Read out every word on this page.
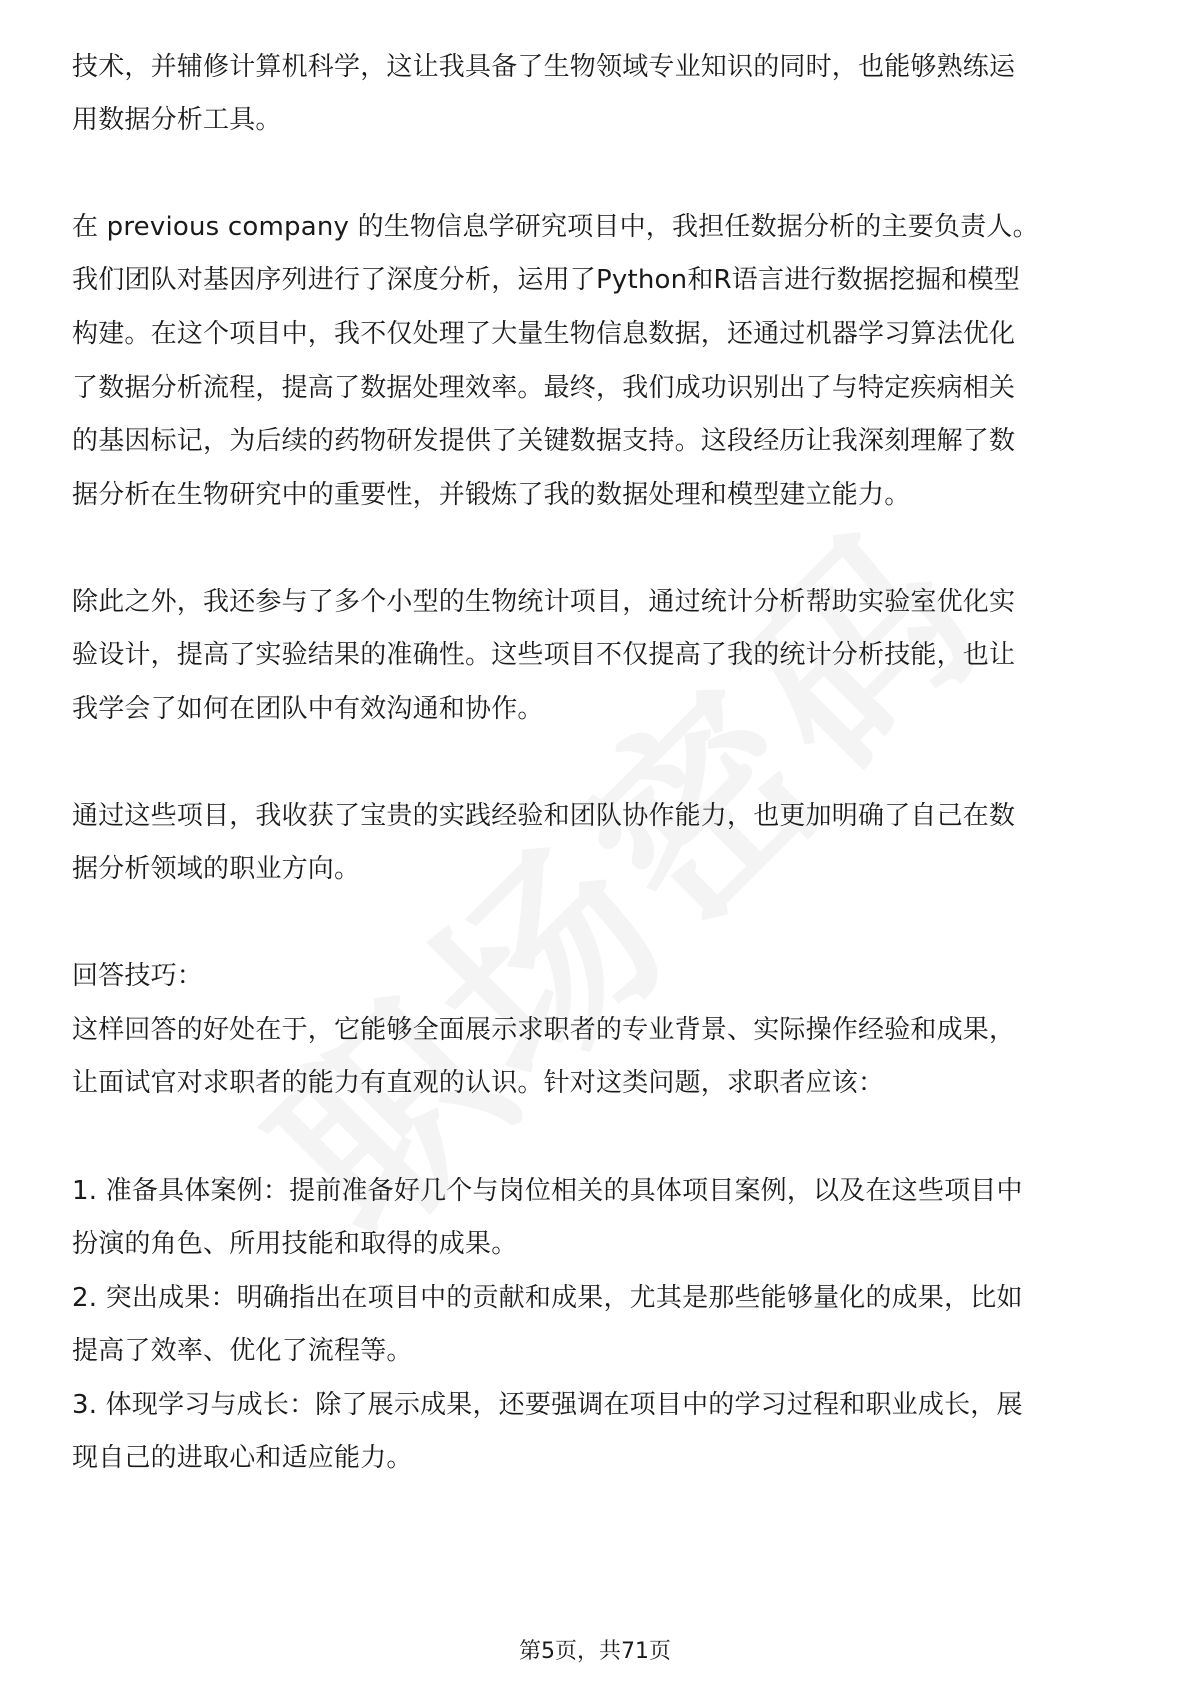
技术，并辅修计算机科学，这让我具备了生物领域专业知识的同时，也能够熟练运
用数据分析工具。
在 previous company 的生物信息学研究项目中，我担任数据分析的主要负责人。
我们团队对基因序列进行了深度分析，运用了Python和R语言进行数据挖掘和模型
构建。在这个项目中，我不仅处理了大量生物信息数据，还通过机器学习算法优化
了数据分析流程，提高了数据处理效率。最终，我们成功识别出了与特定疾病相关
的基因标记，为后续的药物研发提供了关键数据支持。这段经历让我深刻理解了数
据分析在生物研究中的重要性，并锻炼了我的数据处理和模型建立能力。
除此之外，我还参与了多个小型的生物统计项目，通过统计分析帮助实验室优化实
验设计，提高了实验结果的准确性。这些项目不仅提高了我的统计分析技能，也让
我学会了如何在团队中有效沟通和协作。
通过这些项目，我收获了宝贵的实践经验和团队协作能力，也更加明确了自己在数
据分析领域的职业方向。
回答技巧：
这样回答的好处在于，它能够全面展示求职者的专业背景、实际操作经验和成果，
让面试官对求职者的能力有直观的认识。针对这类问题，求职者应该：
1. 准备具体案例：提前准备好几个与岗位相关的具体项目案例，以及在这些项目中
扮演的角色、所用技能和取得的成果。
2. 突出成果：明确指出在项目中的贡献和成果，尤其是那些能够量化的成果，比如
提高了效率、优化了流程等。
3. 体现学习与成长：除了展示成果，还要强调在项目中的学习过程和职业成长，展
现自己的进取心和适应能力。
第5页，共71页
